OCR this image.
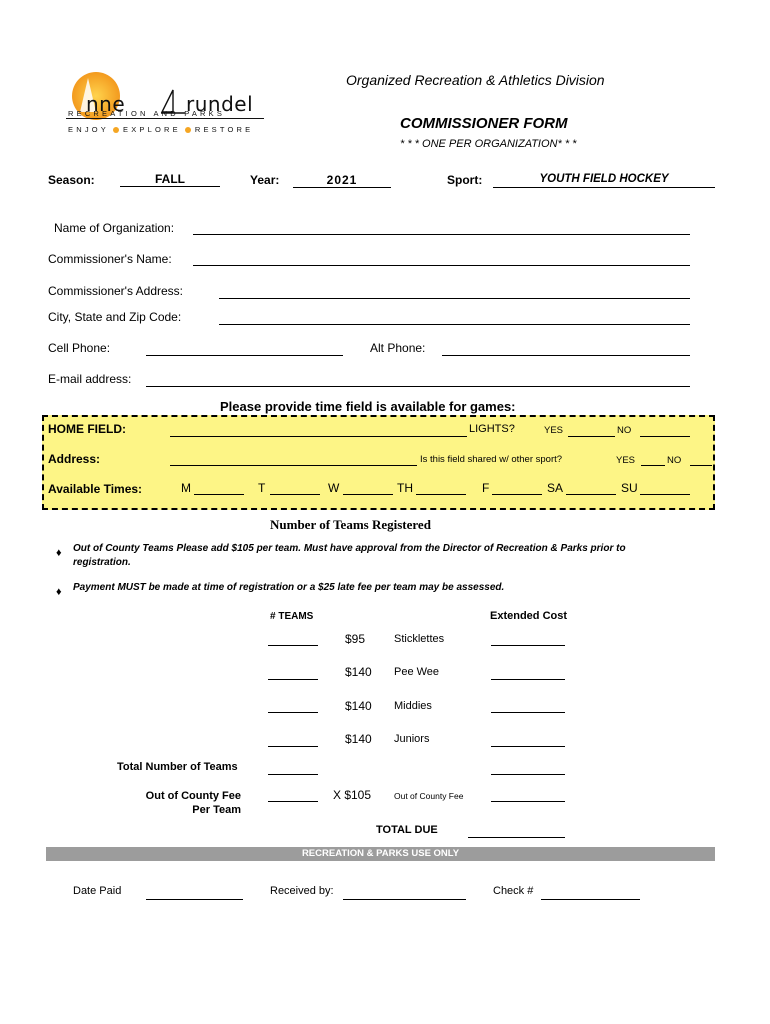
nne	rundel
RECREATION AND PARKS
ENJOY EXPLORE RESTORE
Organized Recreation & Athletics Division
COMMISSIONER FORM
* * * ONE PER ORGANIZATION* * *
Season:	FALL	Year:	2021	Sport:	YOUTH FIELD HOCKEY
Name of Organization:
Commissioner's Name:
Commissioner's Address:
City, State and Zip Code:
Cell Phone:	Alt Phone:
E-mail address:
Please provide time field is available for games:
HOME FIELD:	LIGHTS?	YES	NO
Address:	Is this field shared w/ other sport?	YES	NO
Available Times:	M	T	W	TH	F	SA	SU
Number of Teams Registered
♦ Out of County Teams Please add $105 per team. Must have approval from the Director of Recreation & Parks prior to registration.
♦ Payment MUST be made at time of registration or a $25 late fee per team may be assessed.
# TEAMS	Extended Cost
$95	Sticklettes
$140 Pee Wee
$140 Middies
$140 Juniors
Total Number of Teams
Out of County Fee
Per Team
X $105	Out of County Fee
TOTAL DUE
RECREATION & PARKS USE ONLY
Date Paid	Received by:	Check #
